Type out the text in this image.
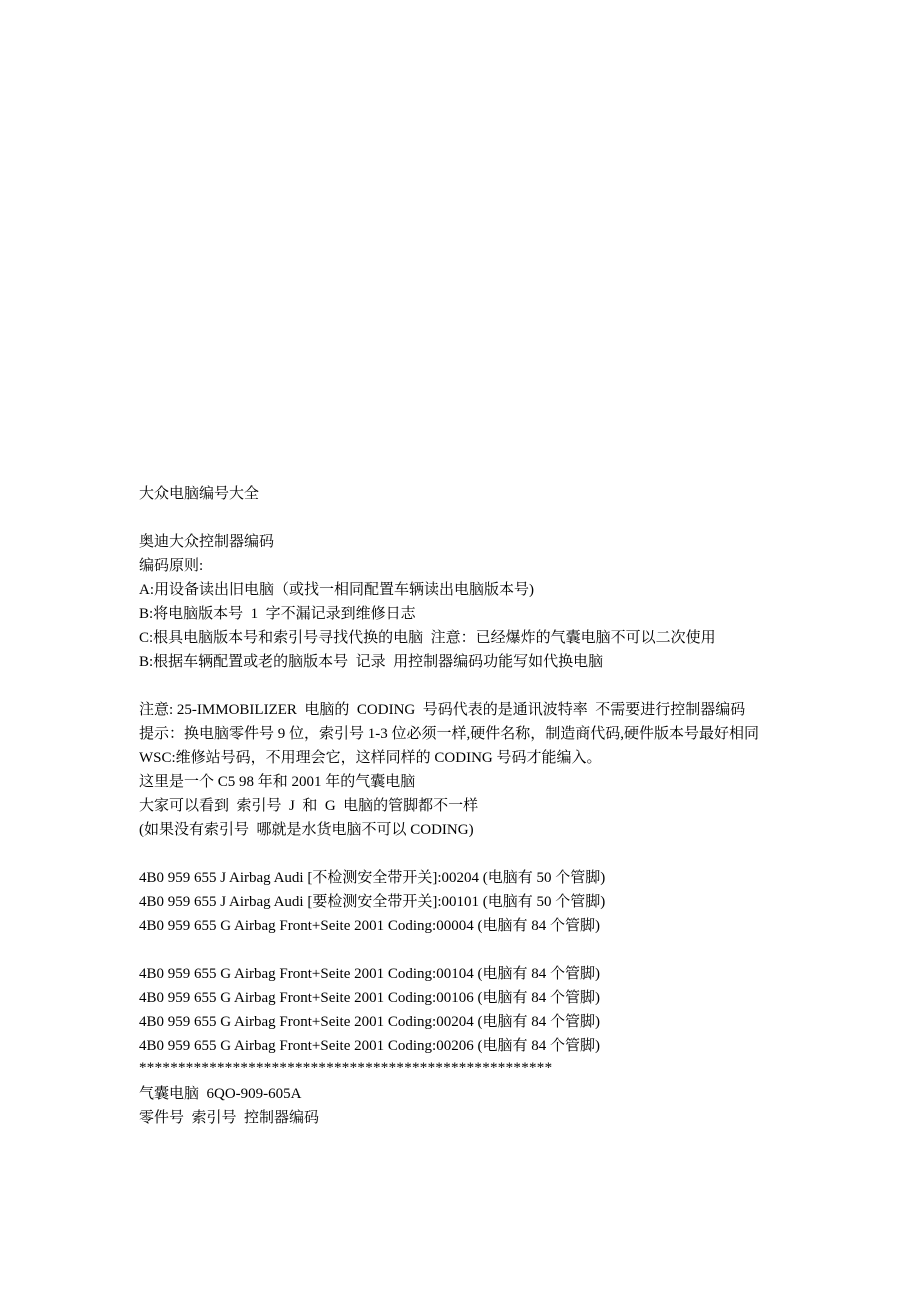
大众电脑编号大全
奥迪大众控制器编码
编码原则:
A:用设备读出旧电脑（或找一相同配置车辆读出电脑版本号)
B:将电脑版本号  1  字不漏记录到维修日志
C:根具电脑版本号和索引号寻找代换的电脑  注意：已经爆炸的气囊电脑不可以二次使用
B:根据车辆配置或老的脑版本号  记录  用控制器编码功能写如代换电脑
注意: 25-IMMOBILIZER  电脑的  CODING  号码代表的是通讯波特率  不需要进行控制器编码
提示：换电脑零件号 9 位，索引号 1-3 位必须一样,硬件名称，制造商代码,硬件版本号最好相同
WSC:维修站号码，不用理会它，这样同样的 CODING 号码才能编入。
这里是一个 C5 98 年和 2001 年的气囊电脑
大家可以看到  索引号  J  和  G  电脑的管脚都不一样
(如果没有索引号  哪就是水货电脑不可以 CODING)
4B0 959 655 J Airbag Audi [不检测安全带开关]:00204 (电脑有 50 个管脚)
4B0 959 655 J Airbag Audi [要检测安全带开关]:00101 (电脑有 50 个管脚)
4B0 959 655 G Airbag Front+Seite 2001 Coding:00004 (电脑有 84 个管脚)
4B0 959 655 G Airbag Front+Seite 2001 Coding:00104 (电脑有 84 个管脚)
4B0 959 655 G Airbag Front+Seite 2001 Coding:00106 (电脑有 84 个管脚)
4B0 959 655 G Airbag Front+Seite 2001 Coding:00204 (电脑有 84 个管脚)
4B0 959 655 G Airbag Front+Seite 2001 Coding:00206 (电脑有 84 个管脚)
*****************************************************
气囊电脑  6QO-909-605A
零件号  索引号  控制器编码
